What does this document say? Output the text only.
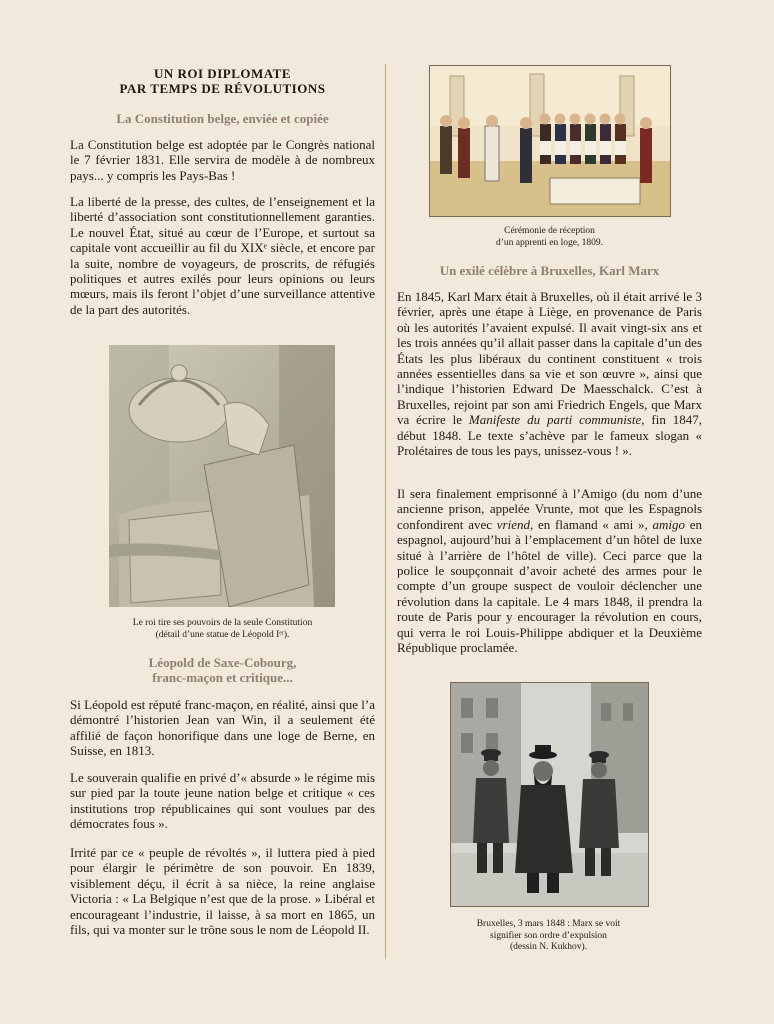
UN ROI DIPLOMATE
PAR TEMPS DE RÉVOLUTIONS
La Constitution belge, enviée et copiée

La Constitution belge est adoptée par le Congrès national le 7 février 1831. Elle servira de modèle à de nombreux pays... y compris les Pays-Bas !

La liberté de la presse, des cultes, de l’enseignement et la liberté d’association sont constitutionnellement garanties. Le nouvel État, situé au cœur de l’Europe, et surtout sa capitale vont accueillir au fil du XIXᵉ siècle, et encore par la suite, nombre de voyageurs, de proscrits, de réfugiés politiques et autres exilés pour leurs opinions ou leurs mœurs, mais ils feront l’objet d’une surveillance attentive de la part des autorités.

Le roi tire ses pouvoirs de la seule Constitution
(détail d’une statue de Léopold Iᵉʳ).
Léopold de Saxe-Cobourg,
franc-maçon et critique...

Si Léopold est réputé franc-maçon, en réalité, ainsi que l’a démontré l’historien Jean van Win, il a seulement été affilié de façon honorifique dans une loge de Berne, en Suisse, en 1813.

Le souverain qualifie en privé d’« absurde » le régime mis sur pied par la toute jeune nation belge et critique « ces institutions trop républicaines qui sont voulues par des démocrates fous ».

Irrité par ce « peuple de révoltés », il luttera pied à pied pour élargir le périmètre de son pouvoir. En 1839, visiblement déçu, il écrit à sa nièce, la reine anglaise Victoria : « La Belgique n’est que de la prose. » Libéral et encourageant l’industrie, il laisse, à sa mort en 1865, un fils, qui va monter sur le trône sous le nom de Léopold II.

Cérémonie de réception
d’un apprenti en loge, 1809.
Un exilé célèbre à Bruxelles, Karl Marx

En 1845, Karl Marx était à Bruxelles, où il était arrivé le 3 février, après une étape à Liège, en provenance de Paris où les autorités l’avaient expulsé. Il avait vingt-six ans et les trois années qu’il allait passer dans la capitale d’un des États les plus libéraux du continent constituent « trois années essentielles dans sa vie et son œuvre », ainsi que l’indique l’historien Edward De Maesschalck. C’est à Bruxelles, rejoint par son ami Friedrich Engels, que Marx va écrire le Manifeste du parti communiste, fin 1847, début 1848. Le texte s’achève par le fameux slogan « Prolétaires de tous les pays, unissez-vous ! ».

Il sera finalement emprisonné à l’Amigo (du nom d’une ancienne prison, appelée Vrunte, mot que les Espagnols confondirent avec vriend, en flamand « ami », amigo en espagnol, aujourd’hui à l’emplacement d’un hôtel de luxe situé à l’arrière de l’hôtel de ville). Ceci parce que la police le soupçonnait d’avoir acheté des armes pour le compte d’un groupe suspect de vouloir déclencher une révolution dans la capitale. Le 4 mars 1848, il prendra la route de Paris pour y encourager la révolution en cours, qui verra le roi Louis-Philippe abdiquer et la Deuxième République proclamée.

Bruxelles, 3 mars 1848 : Marx se voit
signifier son ordre d’expulsion
(dessin N. Kukhov).
